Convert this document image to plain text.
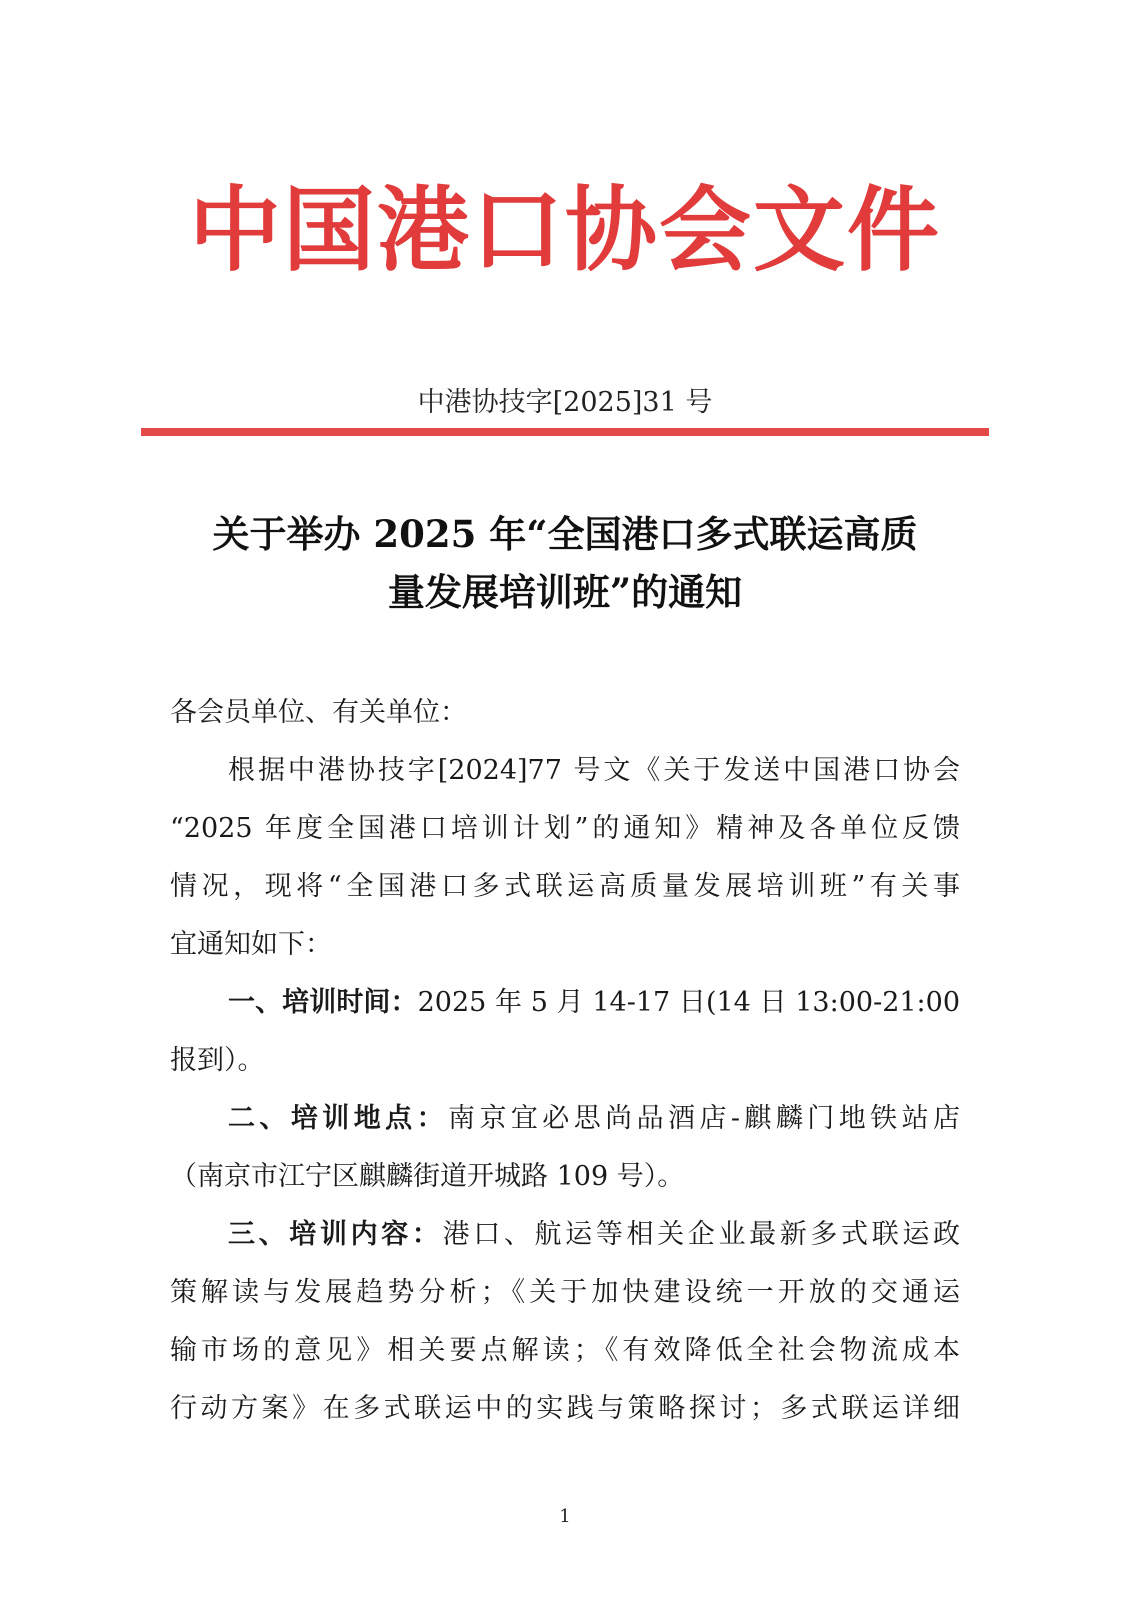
中国港口协会文件
中港协技字[2025]31 号
关于举办 2025 年“全国港口多式联运高质
量发展培训班”的通知
各会员单位、有关单位：
根据中港协技字[2024]77 号文《关于发送中国港口协会
“2025 年度全国港口培训计划”的通知》精神及各单位反馈
情况，现将“全国港口多式联运高质量发展培训班”有关事
宜通知如下：
一、培训时间：2025 年 5 月 14-17 日(14 日 13:00-21:00
报到）。
二、培训地点：南京宜必思尚品酒店-麒麟门地铁站店
（南京市江宁区麒麟街道开城路 109 号）。
三、培训内容：港口、航运等相关企业最新多式联运政
策解读与发展趋势分析；《关于加快建设统一开放的交通运
输市场的意见》相关要点解读；《有效降低全社会物流成本
行动方案》在多式联运中的实践与策略探讨；多式联运详细
1
